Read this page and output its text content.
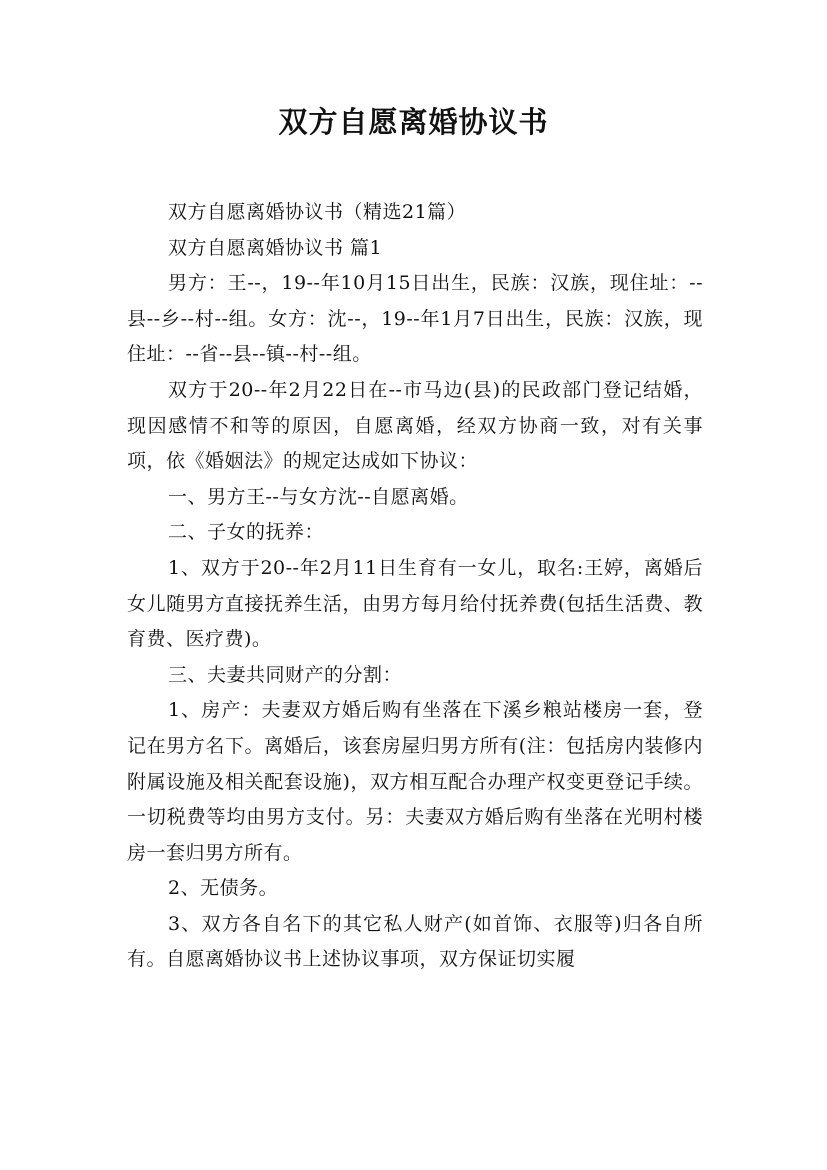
双方自愿离婚协议书

双方自愿离婚协议书（精选21篇）

双方自愿离婚协议书 篇1

男方：王--，19--年10月15日出生，民族：汉族，现住址：--县--乡--村--组。女方：沈--，19--年1月7日出生，民族：汉族，现住址：--省--县--镇--村--组。

双方于20--年2月22日在--市马边(县)的民政部门登记结婚，现因感情不和等的原因，自愿离婚，经双方协商一致，对有关事项，依《婚姻法》的规定达成如下协议：

一、男方王--与女方沈--自愿离婚。

二、子女的抚养：

1、双方于20--年2月11日生育有一女儿，取名:王婷，离婚后女儿随男方直接抚养生活，由男方每月给付抚养费(包括生活费、教育费、医疗费)。

三、夫妻共同财产的分割：

1、房产：夫妻双方婚后购有坐落在下溪乡粮站楼房一套，登记在男方名下。离婚后，该套房屋归男方所有(注：包括房内装修内附属设施及相关配套设施)，双方相互配合办理产权变更登记手续。一切税费等均由男方支付。另：夫妻双方婚后购有坐落在光明村楼房一套归男方所有。

2、无债务。

3、双方各自名下的其它私人财产(如首饰、衣服等)归各自所有。自愿离婚协议书上述协议事项，双方保证切实履
